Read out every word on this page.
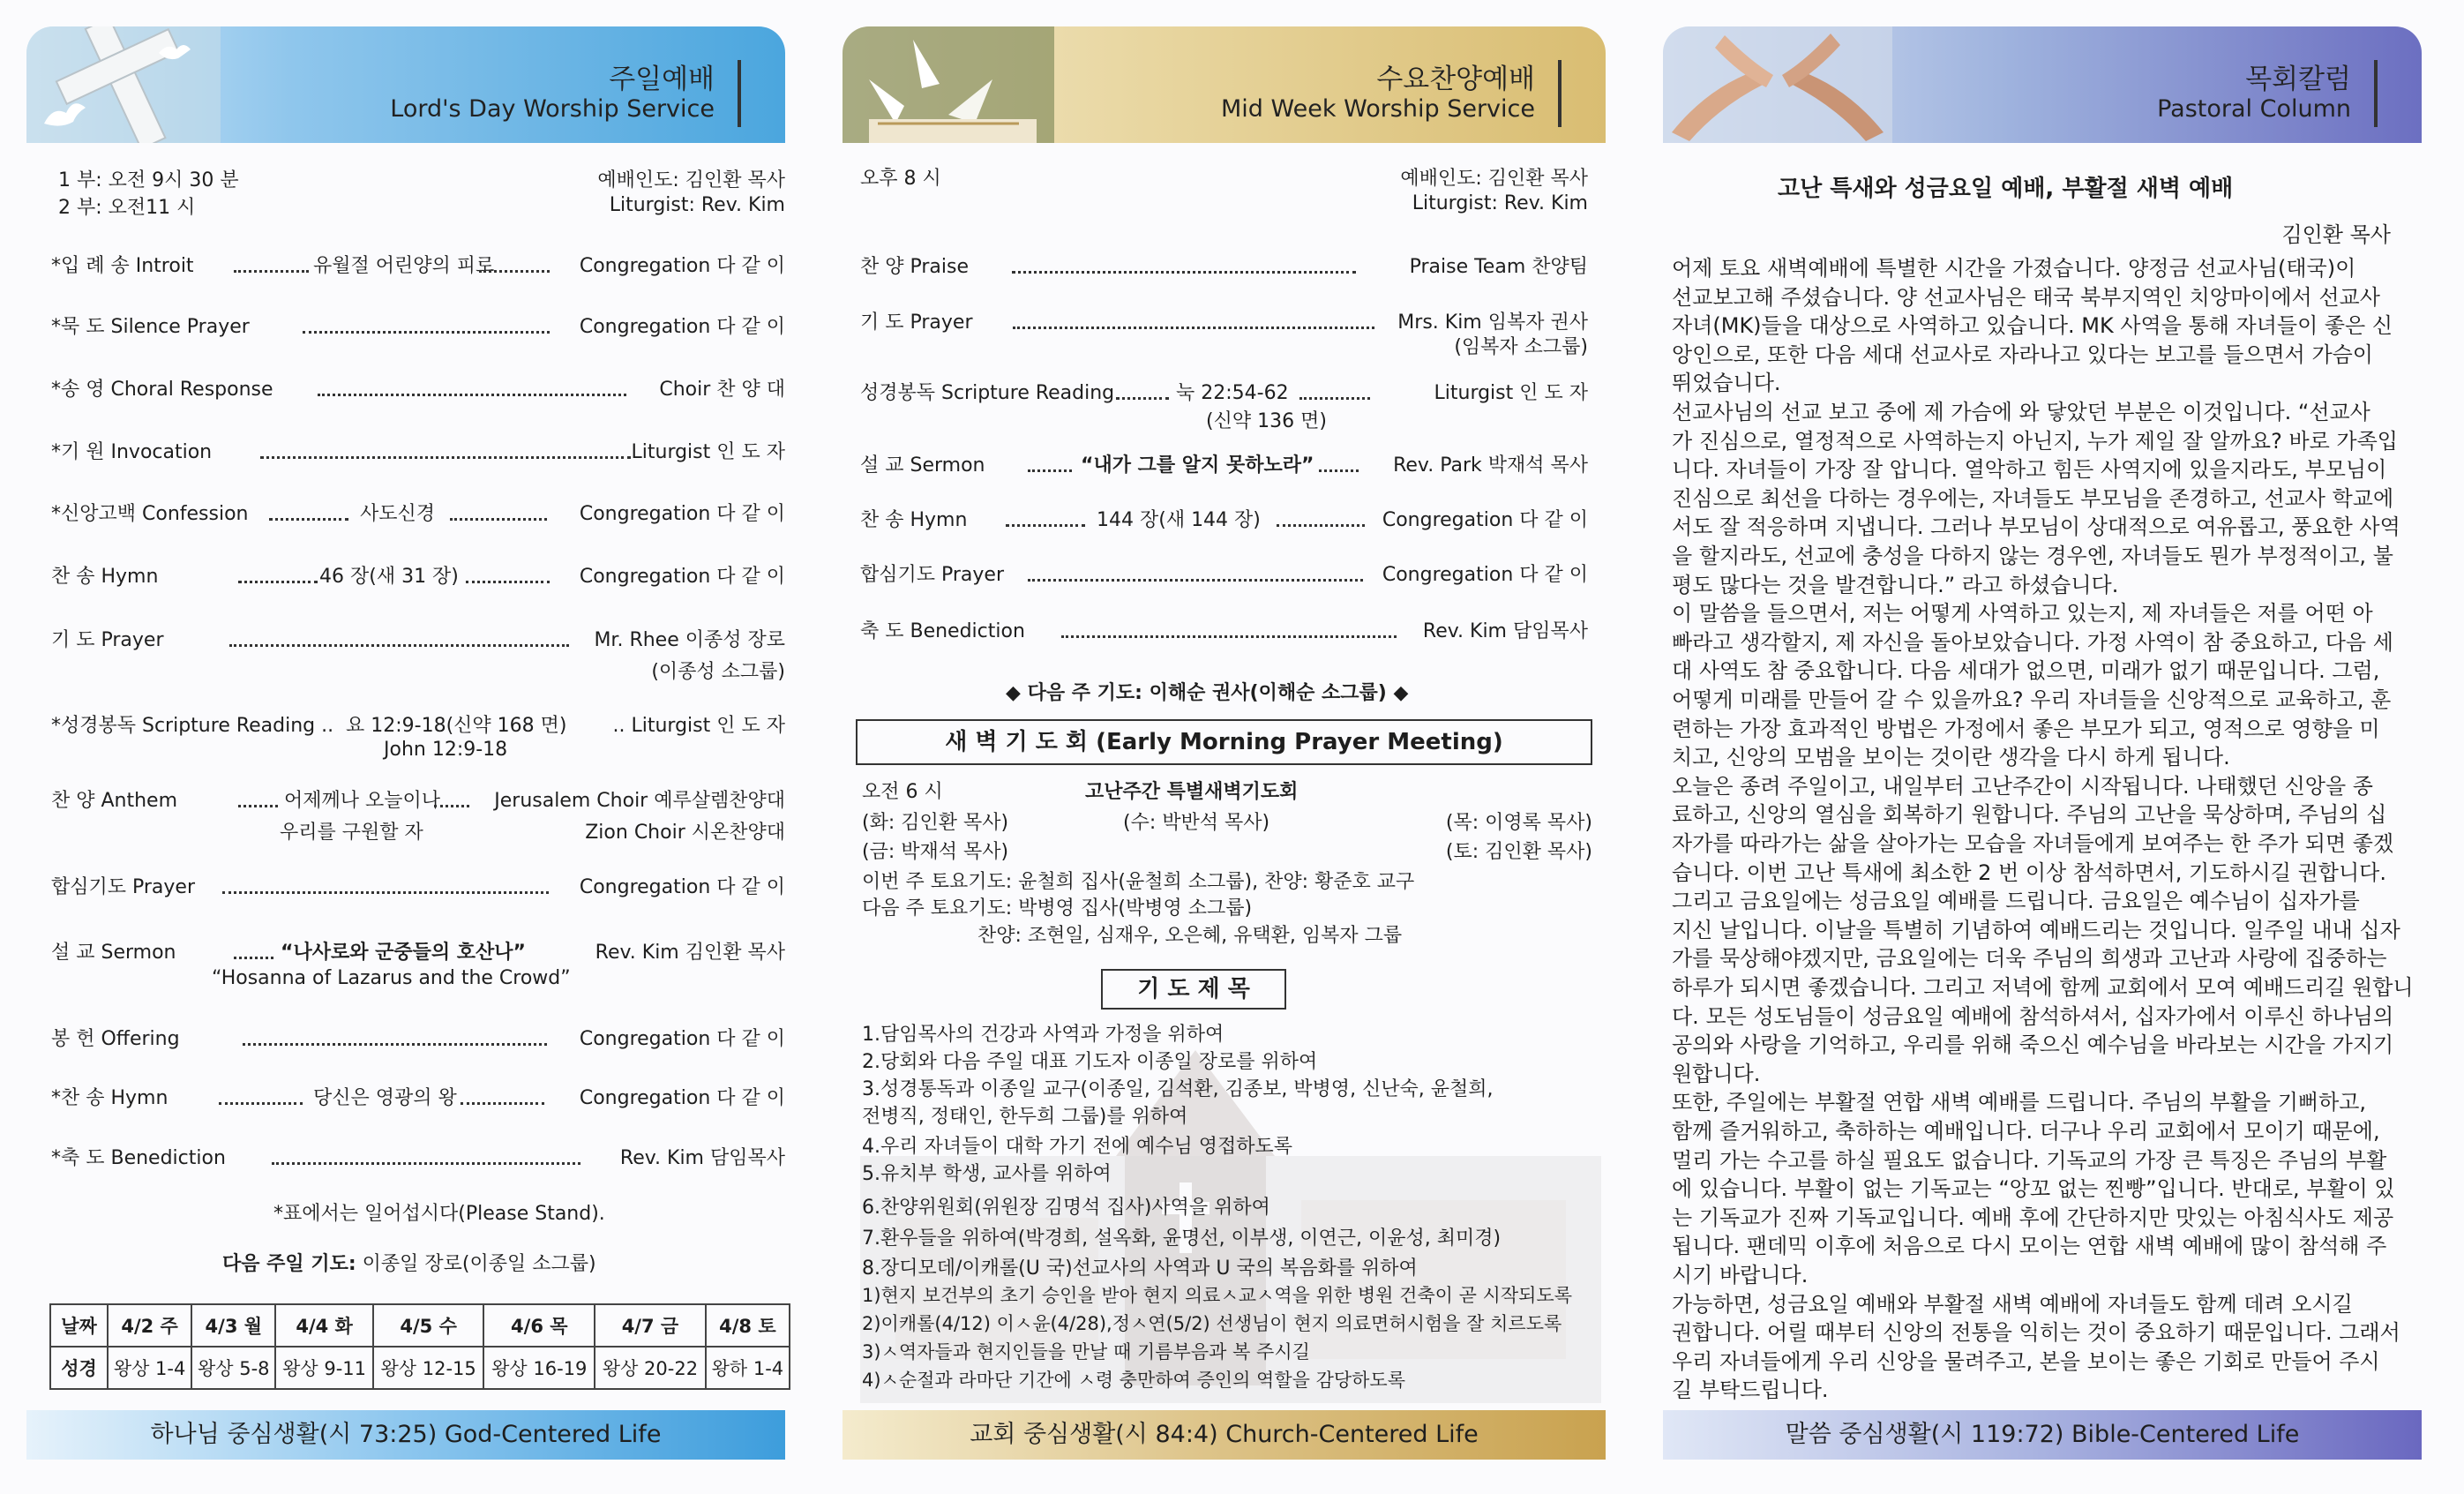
주일예배
Lord's Day Worship Service
1 부: 오전 9시 30 분
2 부: 오전11 시
예배인도: 김인환 목사
Liturgist: Rev. Kim
*입 례 송 Introit	유월절 어린양의 피로	Congregation 다 같 이
*묵 도 Silence Prayer	Congregation 다 같 이
*송 영 Choral Response	Choir 찬 양 대
*기 원 Invocation	Liturgist 인 도 자
*신앙고백 Confession	사도신경	Congregation 다 같 이
찬 송 Hymn	46 장(새 31 장)	Congregation 다 같 이
기 도 Prayer	Mr. Rhee 이종성 장로
(이종성 소그룹)
*성경봉독 Scripture Reading .. 요 12:9-18(신약 168 면) .. Liturgist 인 도 자
John 12:9-18
찬 양 Anthem	어제께나 오늘이나	Jerusalem Choir 예루살렘찬양대
우리를 구원할 자	Zion Choir 시온찬양대
합심기도 Prayer	Congregation 다 같 이
설 교 Sermon	“나사로와 군중들의 호산나”	Rev. Kim 김인환 목사
“Hosanna of Lazarus and the Crowd”
봉 헌 Offering	Congregation 다 같 이
*찬 송 Hymn	당신은 영광의 왕	Congregation 다 같 이
*축 도 Benediction	Rev. Kim 담임목사
*표에서는 일어섭시다(Please Stand).
다음 주일 기도: 이종일 장로(이종일 소그룹)
날짜	4/2 주	4/3 월	4/4 화	4/5 수	4/6 목	4/7 금	4/8 토
성경	왕상 1-4	왕상 5-8	왕상 9-11	왕상 12-15	왕상 16-19	왕상 20-22	왕하 1-4
하나님 중심생활(시 73:25) God-Centered Life
수요찬양예배
Mid Week Worship Service
오후 8 시	예배인도: 김인환 목사
Liturgist: Rev. Kim
찬 양 Praise	Praise Team 찬양팀
기 도 Prayer	Mrs. Kim 임복자 권사
(임복자 소그룹)
성경봉독 Scripture Reading	눅 22:54-62	Liturgist 인 도 자
(신약 136 면)
설 교 Sermon	“내가 그를 알지 못하노라”	Rev. Park 박재석 목사
찬 송 Hymn	144 장(새 144 장)	Congregation 다 같 이
합심기도 Prayer	Congregation 다 같 이
축 도 Benediction	Rev. Kim 담임목사
◆ 다음 주 기도: 이해순 권사(이해순 소그룹) ◆
새 벽 기 도 회 (Early Morning Prayer Meeting)
오전 6 시	고난주간 특별새벽기도회
(화: 김인환 목사)	(수: 박반석 목사)	(목: 이영록 목사)
(금: 박재석 목사)	(토: 김인환 목사)
이번 주 토요기도: 윤철희 집사(윤철희 소그룹), 찬양: 황준호 교구
다음 주 토요기도: 박병영 집사(박병영 소그룹)
찬양: 조현일, 심재우, 오은혜, 유택환, 임복자 그룹
기 도 제 목
1.담임목사의 건강과 사역과 가정을 위하여
2.당회와 다음 주일 대표 기도자 이종일 장로를 위하여
3.성경통독과 이종일 교구(이종일, 김석환, 김종보, 박병영, 신난숙, 윤철희,
전병직, 정태인, 한두희 그룹)를 위하여
4.우리 자녀들이 대학 가기 전에 예수님 영접하도록
5.유치부 학생, 교사를 위하여
6.찬양위원회(위원장 김명석 집사)사역을 위하여
7.환우들을 위하여(박경희, 설옥화, 윤명선, 이부생, 이연근, 이윤성, 최미경)
8.장디모데/이캐롤(U 국)선교사의 사역과 U 국의 복음화를 위하여
1)현지 보건부의 초기 승인을 받아 현지 의료ㅅ교ㅅ역을 위한 병원 건축이 곧 시작되도록
2)이캐롤(4/12) 이ㅅ윤(4/28),정ㅅ연(5/2) 선생님이 현지 의료면허시험을 잘 치르도록
3)ㅅ역자들과 현지인들을 만날 때 기름부음과 복 주시길
4)ㅅ순절과 라마단 기간에 ㅅ령 충만하여 증인의 역할을 감당하도록
교회 중심생활(시 84:4) Church-Centered Life
목회칼럼
Pastoral Column
고난 특새와 성금요일 예배, 부활절 새벽 예배
김인환 목사
어제 토요 새벽예배에 특별한 시간을 가졌습니다. 양정금 선교사님(태국)이
선교보고해 주셨습니다. 양 선교사님은 태국 북부지역인 치앙마이에서 선교사
자녀(MK)들을 대상으로 사역하고 있습니다. MK 사역을 통해 자녀들이 좋은 신
앙인으로, 또한 다음 세대 선교사로 자라나고 있다는 보고를 들으면서 가슴이
뛰었습니다.
선교사님의 선교 보고 중에 제 가슴에 와 닿았던 부분은 이것입니다. “선교사
가 진심으로, 열정적으로 사역하는지 아닌지, 누가 제일 잘 알까요? 바로 가족입
니다. 자녀들이 가장 잘 압니다. 열악하고 힘든 사역지에 있을지라도, 부모님이
진심으로 최선을 다하는 경우에는, 자녀들도 부모님을 존경하고, 선교사 학교에
서도 잘 적응하며 지냅니다. 그러나 부모님이 상대적으로 여유롭고, 풍요한 사역
을 할지라도, 선교에 충성을 다하지 않는 경우엔, 자녀들도 뭔가 부정적이고, 불
평도 많다는 것을 발견합니다.” 라고 하셨습니다.
이 말씀을 들으면서, 저는 어떻게 사역하고 있는지, 제 자녀들은 저를 어떤 아
빠라고 생각할지, 제 자신을 돌아보았습니다. 가정 사역이 참 중요하고, 다음 세
대 사역도 참 중요합니다. 다음 세대가 없으면, 미래가 없기 때문입니다. 그럼,
어떻게 미래를 만들어 갈 수 있을까요? 우리 자녀들을 신앙적으로 교육하고, 훈
련하는 가장 효과적인 방법은 가정에서 좋은 부모가 되고, 영적으로 영향을 미
치고, 신앙의 모범을 보이는 것이란 생각을 다시 하게 됩니다.
오늘은 종려 주일이고, 내일부터 고난주간이 시작됩니다. 나태했던 신앙을 종
료하고, 신앙의 열심을 회복하기 원합니다. 주님의 고난을 묵상하며, 주님의 십
자가를 따라가는 삶을 살아가는 모습을 자녀들에게 보여주는 한 주가 되면 좋겠
습니다. 이번 고난 특새에 최소한 2 번 이상 참석하면서, 기도하시길 권합니다.
그리고 금요일에는 성금요일 예배를 드립니다. 금요일은 예수님이 십자가를
지신 날입니다. 이날을 특별히 기념하여 예배드리는 것입니다. 일주일 내내 십자
가를 묵상해야겠지만, 금요일에는 더욱 주님의 희생과 고난과 사랑에 집중하는
하루가 되시면 좋겠습니다. 그리고 저녁에 함께 교회에서 모여 예배드리길 원합니
다. 모든 성도님들이 성금요일 예배에 참석하셔서, 십자가에서 이루신 하나님의
공의와 사랑을 기억하고, 우리를 위해 죽으신 예수님을 바라보는 시간을 가지기
원합니다.
또한, 주일에는 부활절 연합 새벽 예배를 드립니다. 주님의 부활을 기뻐하고,
함께 즐거워하고, 축하하는 예배입니다. 더구나 우리 교회에서 모이기 때문에,
멀리 가는 수고를 하실 필요도 없습니다. 기독교의 가장 큰 특징은 주님의 부활
에 있습니다. 부활이 없는 기독교는 “앙꼬 없는 찐빵”입니다. 반대로, 부활이 있
는 기독교가 진짜 기독교입니다. 예배 후에 간단하지만 맛있는 아침식사도 제공
됩니다. 팬데믹 이후에 처음으로 다시 모이는 연합 새벽 예배에 많이 참석해 주
시기 바랍니다.
가능하면, 성금요일 예배와 부활절 새벽 예배에 자녀들도 함께 데려 오시길
권합니다. 어릴 때부터 신앙의 전통을 익히는 것이 중요하기 때문입니다. 그래서
우리 자녀들에게 우리 신앙을 물려주고, 본을 보이는 좋은 기회로 만들어 주시
길 부탁드립니다.
말씀 중심생활(시 119:72) Bible-Centered Life
